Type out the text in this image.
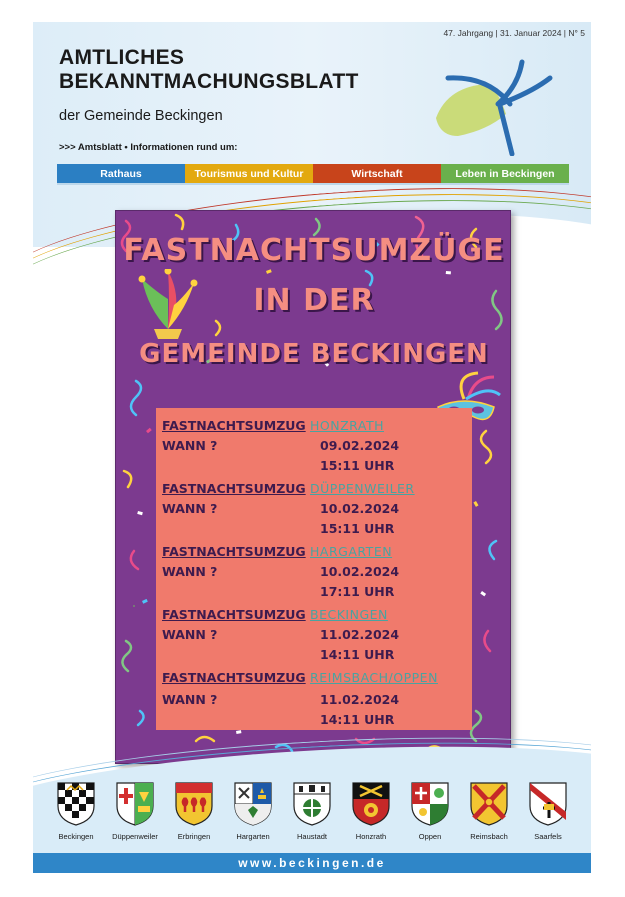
47. Jahrgang | 31. Januar 2024 | N° 5
AMTLICHES
BEKANNTMACHUNGSBLATT
der Gemeinde Beckingen
>>> Amtsblatt • Informationen rund um:
Rathaus	Tourismus und Kultur	Wirtschaft	Leben in Beckingen
FASTNACHTSUMZÜGE
IN DER
GEMEINDE BECKINGEN
FASTNACHTSUMZUG HONZRATH
WANN ?	09.02.2024
15:11 UHR
FASTNACHTSUMZUG DÜPPENWEILER
WANN ?	10.02.2024
15:11 UHR
FASTNACHTSUMZUG HARGARTEN
WANN ?	10.02.2024
17:11 UHR
FASTNACHTSUMZUG BECKINGEN
WANN ?	11.02.2024
14:11 UHR
FASTNACHTSUMZUG REIMSBACH/OPPEN
WANN ?	11.02.2024
14:11 UHR
Beckingen Düppenweiler	Erbringen	Hargarten	Haustadt	Honzrath	Oppen	Reimsbach	Saarfels
www.beckingen.de
